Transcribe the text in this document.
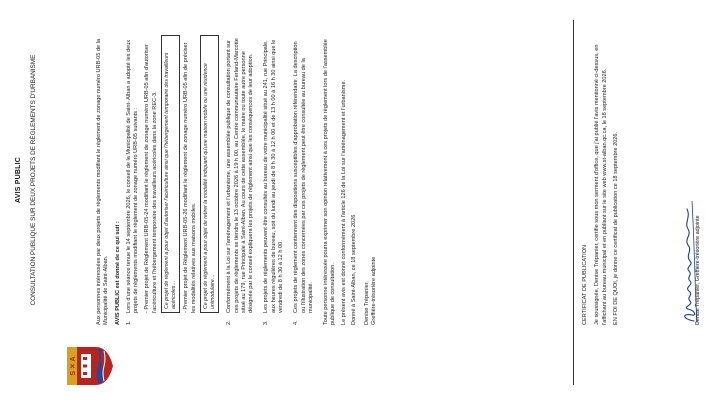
S ✕ A
AVIS PUBLIC CONSULTATION PUBLIQUE SUR DEUX PROJETS DE RÈGLEMENTS D'URBANISME	Aux personnes intéressées par deux projets de règlements modifiant le règlement de zonage numéro URB-05 de la Municipalité de Saint-Alban. AVIS PUBLIC est donné de ce qui suit : 1.

Lors d'une séance tenue le 14 septembre 2026, le conseil de la Municipalité de Saint- Alban a adopté les deux projets de règlements modifiant le règlement de zonage numéro URB-05 suivants : - Premier projet de Règlement URB-05-24 modifiant le règlement de zonage numéro URB-05 afin d'autoriser l'acériculture et l'hébergement temporaire des travailleurs acéricoles dans la zone REC-3.	Ce projet de règlement a pour objet d'autoriser l'acériculture ainsi que l'hébergement temporaire des travailleurs acéricoles…
- Premier projet de Règlement URB-05-26 modifiant le règlement de zonage numéro URB-05 afin de préciser les modalités relatives aux maisons mobiles.	Ce projet de règlement a pour objet de retirer la modalité indiquant qu'une maison mobile ou une résidence unimodulaire…
2.

Conformément à la Loi sur l'aménagement et l'urbanisme, une assemblée publique de consultation portant sur ces projets de règlements se tiendra le 13 octobre 2026 à 19 h 00, au Centre communautaire Ferland-Marcotte situé au 179, rue Principale à Saint-Alban. Au cours de cette assemblée, le maire ou toute autre personne désignée par le conseil expliquera les projets de règlement ainsi que les conséquences de leur adoption.

3.

Les projets de règlements peuvent être consultés au bureau de votre municipalité situé au 241, rue Principale, aux heures régulières de bureau, soit du lundi au jeudi de 8 h 30 à 12 h 00 et de 13 h 00 à 16 h 30 ainsi que le vendredi de 8 h 30 à 12 h 00.

4.

Ces projets de règlement contiennent des dispositions susceptibles d'approbation référendaire. La description ou l'illustration des zones concernées par ces projets de règlement peut être consultée au bureau de la municipalité. Toute personne intéressée pourra exprimer son opinion relativement à ces projets de règlement lors de l'assemblée publique de consultation. Le présent avis est donné conformément à l'article 126 de la Loi sur l'aménagement et l'urbanisme. Donné à Saint-Alban, ce 18 septembre 2026 Denise Trépanier, Greffière-trésorière adjointe	CERTIFICAT DE PUBLICATION Je soussignée, Denise Trépanier, certifie sous mon serment d'office, que j'ai publié l'avis mentionné ci-dessus, en l'affichant au bureau municipal et en publiant sur le site web www.st-alban.qc.ca, le 18 septembre 2026. EN FOI DE QUOI, je donne ce certificat de publication ce 18 septembre 2026.	Denise Trépanier, Greffière-trésorière adjointe
